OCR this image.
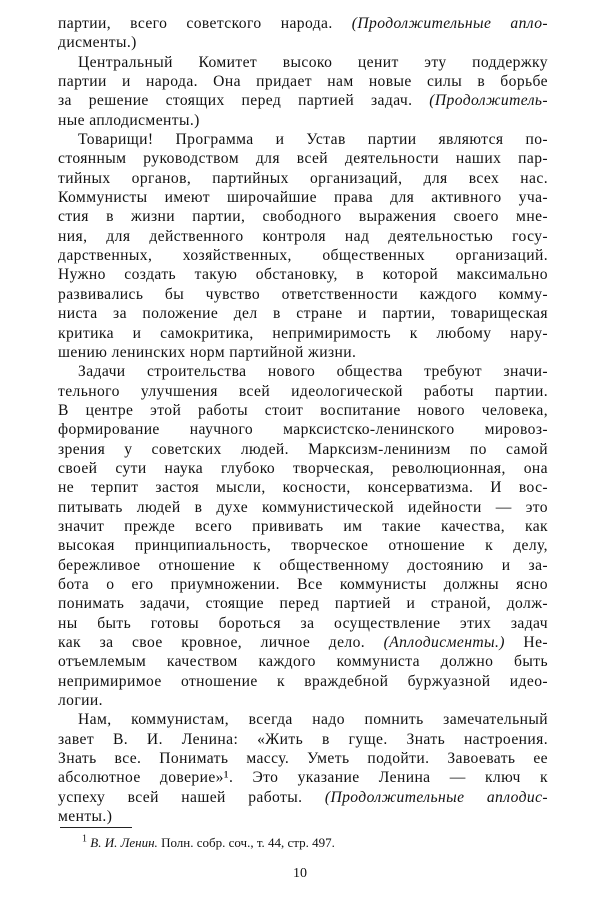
партии, всего советского народа. (Продолжительные апло-
дисменты.)

Центральный Комитет высоко ценит эту поддержку
партии и народа. Она придает нам новые силы в борьбе
за решение стоящих перед партией задач. (Продолжитель-
ные аплодисменты.)

Товарищи! Программа и Устав партии являются по-
стоянным руководством для всей деятельности наших пар-
тийных органов, партийных организаций, для всех нас.
Коммунисты имеют широчайшие права для активного уча-
стия в жизни партии, свободного выражения своего мне-
ния, для действенного контроля над деятельностью госу-
дарственных, хозяйственных, общественных организаций.
Нужно создать такую обстановку, в которой максимально
развивались бы чувство ответственности каждого комму-
ниста за положение дел в стране и партии, товарищеская
критика и самокритика, непримиримость к любому нару-
шению ленинских норм партийной жизни.

Задачи строительства нового общества требуют значи-
тельного улучшения всей идеологической работы партии.
В центре этой работы стоит воспитание нового человека,
формирование научного марксистско-ленинского мировоз-
зрения у советских людей. Марксизм-ленинизм по самой
своей сути наука глубоко творческая, революционная, она
не терпит застоя мысли, косности, консерватизма. И вос-
питывать людей в духе коммунистической идейности — это
значит прежде всего прививать им такие качества, как
высокая принципиальность, творческое отношение к делу,
бережливое отношение к общественному достоянию и за-
бота о его приумножении. Все коммунисты должны ясно
понимать задачи, стоящие перед партией и страной, долж-
ны быть готовы бороться за осуществление этих задач
как за свое кровное, личное дело. (Аплодисменты.) Не-
отъемлемым качеством каждого коммуниста должно быть
непримиримое отношение к враждебной буржуазной идео-
логии.

Нам, коммунистам, всегда надо помнить замечательный
завет В. И. Ленина: «Жить в гуще. Знать настроения.
Знать все. Понимать массу. Уметь подойти. Завоевать ее
абсолютное доверие»¹. Это указание Ленина — ключ к
успеху всей нашей работы. (Продолжительные аплодис-
менты.)

$^1$ В. И. Ленин. Полн. собр. соч., т. 44, стр. 497.
10
